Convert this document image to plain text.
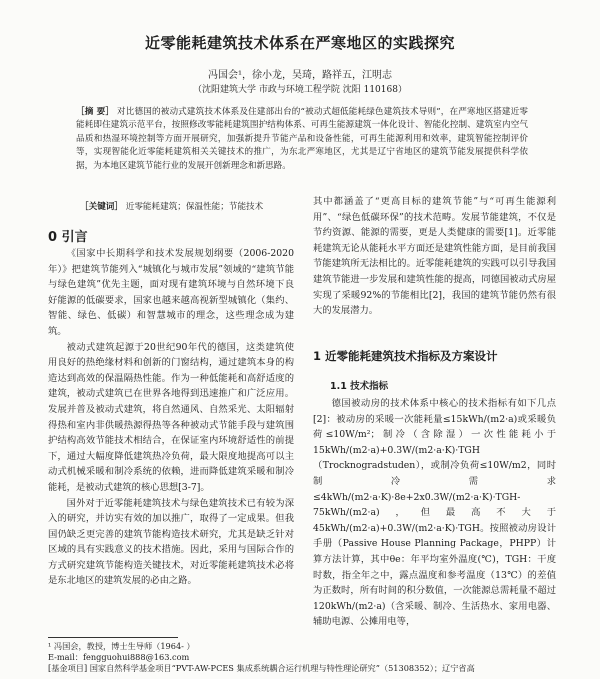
近零能耗建筑技术体系在严寒地区的实践探究
冯国会¹，徐小龙，吴琦，路祥五，江明志
（沈阳建筑大学 市政与环境工程学院 沈阳 110168）
［摘 要］ 对比德国的被动式建筑技术体系及住建部出台的“被动式超低能耗绿色建筑技术导则”，在严寒地区搭建近零能耗即住建筑示范平台，按照修改零能耗建筑围护结构体系、可再生能源建筑一体化设计、智能化控制、建筑室内空气品质和热湿环境控制等方面开展研究，加强新提升节能产品和设备性能，可再生能源利用和效率，建筑智能控制评价等，实现智能化近零能耗建筑相关关键技术的推广，为东北严寒地区，尤其是辽宁省地区的建筑节能发展提供科学依据，为本地区建筑节能行业的发展开创新理念和新思路。
［关键词］ 近零能耗建筑；保温性能；节能技术
0 引言

《国家中长期科学和技术发展规划纲要（2006-2020年）》把建筑节能列入“城镇化与城市发展”领域的“建筑节能与绿色建筑”优先主题，面对现有建筑环境与自然环境下良好能源的低碳要求，国家也越来越高视新型城镇化（集约、智能、绿色、低碳）和智慧城市的理念，这些理念成为建筑。

被动式建筑起源于20世纪90年代的德国，这类建筑使用良好的热绝缘材料和创新的门窗结构，通过建筑本身的构造达到高效的保温隔热性能。作为一种低能耗和高舒适度的建筑，被动式建筑已在世界各地得到迅速推广和广泛应用。发展并普及被动式建筑，将自然通风、自然采光、太阳辐射得热和室内非供暖热源得热等各种被动式节能手段与建筑围护结构高效节能技术相结合，在保证室内环境舒适性的前提下，通过大幅度降低建筑热冷负荷，最大限度地提高可以主动式机械采暖和制冷系统的依赖，进而降低建筑采暖和制冷能耗，是被动式建筑的核心思想[3-7]。

国外对于近零能耗建筑技术与绿色建筑技术已有较为深入的研究，并访实有效的加以推广，取得了一定成果。但我国仍缺乏更完善的建筑节能构造技术研究，尤其是缺乏针对区域的具有实践意义的技术措施。因此，采用与国际合作的方式研究建筑节能构造关键技术，对近零能耗建筑技术必将是东北地区的建筑发展的必由之路。

其中都涵盖了“更高目标的建筑节能”与“可再生能源利用”、“绿色低碳环保”的技术范畴。发展节能建筑，不仅是节约资源、能源的需要，更是人类健康的需要[1]。近零能耗建筑无论从能耗水平方面还是建筑性能方面，是目前我国节能建筑所无法相比的。近零能耗建筑的实践可以引导我国建筑节能进一步发展和建筑性能的提高，同德国被动式房屋实现了采暖92%的节能相比[2]，我国的建筑节能仍然有很大的发展潜力。

1 近零能耗建筑技术指标及方案设计
1.1 技术指标

德国被动房的技术体系中核心的技术指标有如下几点[2]：被动房的采暖一次能耗量≤15kWh/(m2·a)或采暖负荷≤10W/m²；制冷（含除湿）一次性能耗小于15kWh/(m2·a)+0.3W/(m2·a·K)·TGH（Trocknogradstuden），或制冷负荷≤10W/m2，同时制冷需求≤4kWh/(m2·a·K)·8e+2x0.3W/(m2·a·K)·TGH-75kWh/(m2·a)，但最高不大于45kWh/(m2·a)+0.3W/(m2·a·K)·TGH。按照被动房设计手册（Passive House Planning Package，PHPP）计算方法计算，其中θe：年平均室外温度(℃)，TGH：干度时数，指全年之中，露点温度和参考温度（13℃）的差值为正数时，所有时间的积分数值，一次能源总需耗量不超过120kWh/(m2·a)（含采暖、制冷、生活热水、家用电器、辅助电源、公摊用电等，

¹ 冯国会，教授，博士生导师（1964- ）
E-mail：fengguohui888@163.com
[基金项目] 国家自然科学基金项目“PVT-AW-PCES 集成系统耦合运行机理与特性理论研究”（51308352）；辽宁省高
